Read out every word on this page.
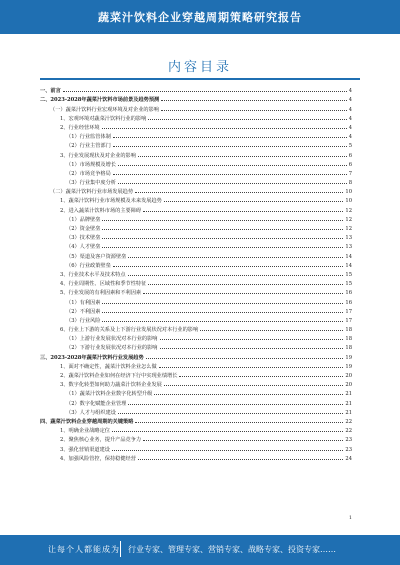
蔬菜汁饮料企业穿越周期策略研究报告
内容目录
一、前言	4
二、2023-2028年蔬菜汁饮料市场前景及趋势预测	4
（一）蔬菜汁饮料行业宏观环境及对企业的影响	4
1、宏观环境对蔬菜汁饮料行业的影响	4
2、行业经营环境	4
（1）行业监管体制	4
（2）行业主管部门	5
3、行业发展现状及对企业的影响	6
（1）市场规模及增长	6
（2）市场竞争格局	7
（3）行业集中度分析	8
（二）蔬菜汁饮料行业市场发展趋势	10
1、蔬菜汁饮料行业市场规模及未来发展趋势	10
2、进入蔬菜汁饮料市场的主要障碍	12
（1）品牌壁垒	12
（2）资金壁垒	12
（3）技术壁垒	13
（4）人才壁垒	13
（5）渠道及客户资源壁垒	14
（6）行业政策壁垒	14
3、行业技术水平及技术特点	15
4、行业周期性、区域性和季节性特征	15
5、行业发展的有利因素和不利因素	16
（1）有利因素	16
（2）不利因素	17
（3）行业风险	17
6、行业上下游的关系及上下游行业发展状况对本行业的影响	18
（1）上游行业发展状况对本行业的影响	18
（2）下游行业发展状况对本行业的影响	18
三、2023-2028年蔬菜汁饮料行业发展趋势	19
1、面对不确定性，蔬菜汁饮料企业怎么做	19
2、蔬菜汁饮料企业如何在经济下行中实现业绩增长	20
3、数字化转型如何助力蔬菜汁饮料企业发展	20
（1）蔬菜汁饮料企业数字化转型升级	21
（2）数字化赋能企业管理	21
（3）人才与组织建设	21
四、蔬菜汁饮料企业穿越周期的关键策略	22
1、明确企业战略定位	22
2、聚焦核心业务，提升产品竞争力	23
3、强化营销渠道建设	23
4、加强风险管控，保持稳健经营	24
1
让每个人都能成为 行业专家、管理专家、营销专家、战略专家、投资专家……
